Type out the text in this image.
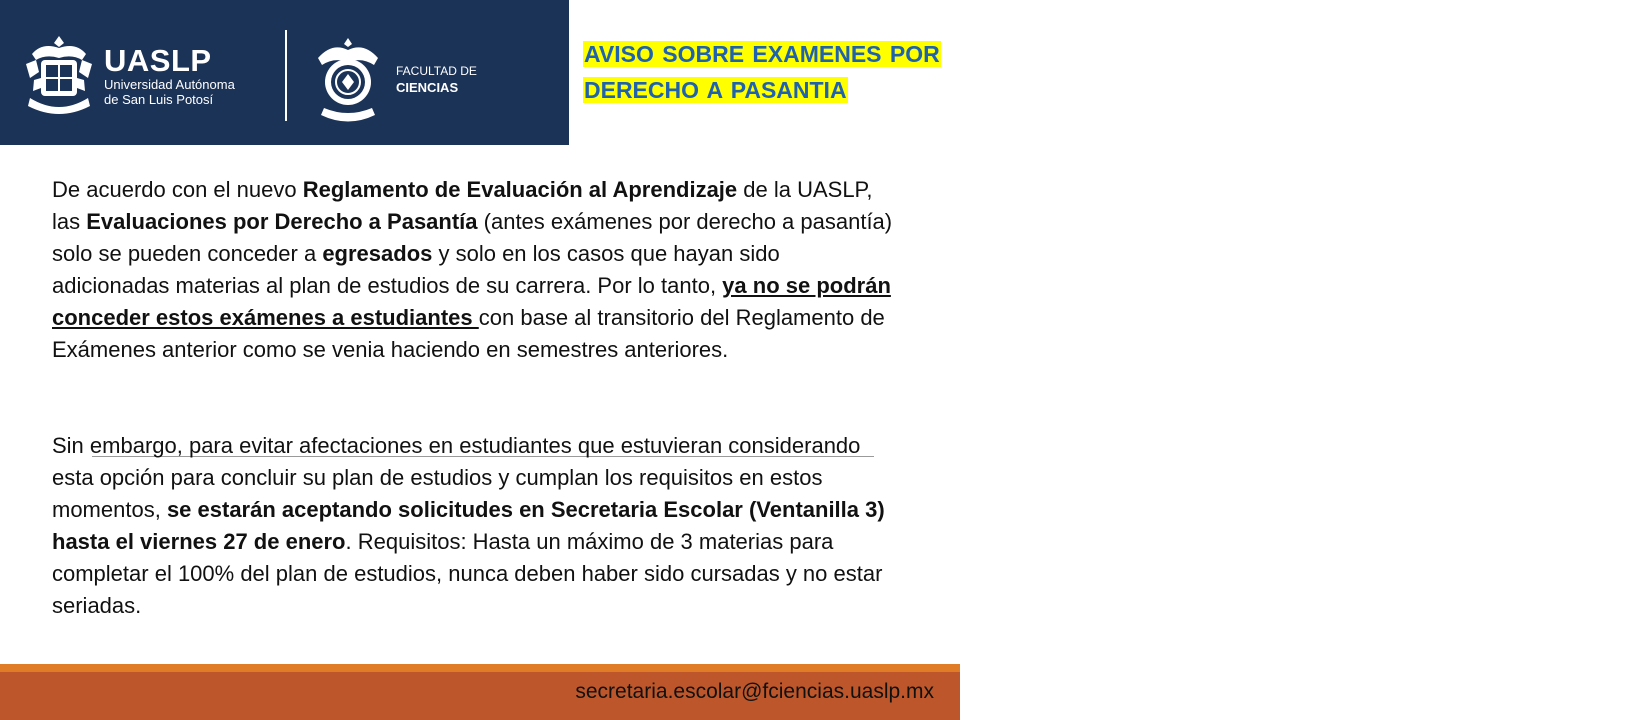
UASLP
Universidad Autónoma
de San Luis Potosí
FACULTAD DE
CIENCIAS
AVISO SOBRE EXAMENES POR
DERECHO A PASANTIA

De acuerdo con el nuevo Reglamento de Evaluación al Aprendizaje de la UASLP, las Evaluaciones por Derecho a Pasantía (antes exámenes por derecho a pasantía) solo se pueden conceder a egresados y solo en los casos que hayan sido adicionadas materias al plan de estudios de su carrera. Por lo tanto, ya no se podrán conceder estos exámenes a estudiantes con base al transitorio del Reglamento de Exámenes anterior como se venia haciendo en semestres anteriores.

Sin embargo, para evitar afectaciones en estudiantes que estuvieran considerando esta opción para concluir su plan de estudios y cumplan los requisitos en estos momentos, se estarán aceptando solicitudes en Secretaria Escolar (Ventanilla 3) hasta el viernes 27 de enero. Requisitos: Hasta un máximo de 3 materias para completar el 100% del plan de estudios, nunca deben haber sido cursadas y no estar seriadas.

secretaria.escolar@fciencias.uaslp.mx
